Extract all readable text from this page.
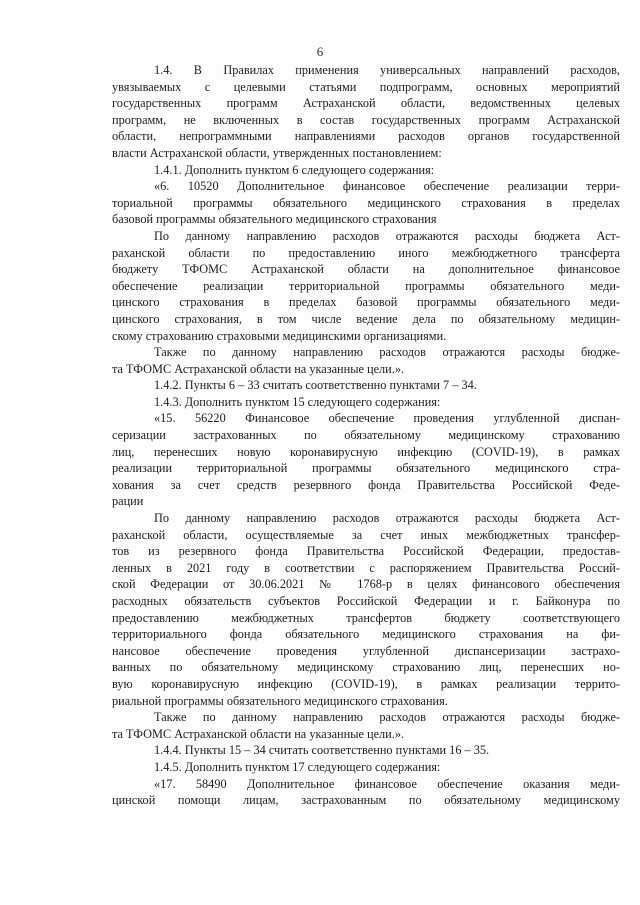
6
1.4. В Правилах применения универсальных направлений расходов,
увязываемых с целевыми статьями подпрограмм, основных мероприятий
государственных программ Астраханской области, ведомственных целевых
программ, не включенных в состав государственных программ Астраханской
области, непрограммными направлениями расходов органов государственной
власти Астраханской области, утвержденных постановлением:
1.4.1. Дополнить пунктом 6 следующего содержания:
«6. 10520 Дополнительное финансовое обеспечение реализации терри-
ториальной программы обязательного медицинского страхования в пределах
базовой программы обязательного медицинского страхования
По данному направлению расходов отражаются расходы бюджета Аст-
раханской области по предоставлению иного межбюджетного трансферта
бюджету ТФОМС Астраханской области на дополнительное финансовое
обеспечение реализации территориальной программы обязательного меди-
цинского страхования в пределах базовой программы обязательного меди-
цинского страхования, в том числе ведение дела по обязательному медицин-
скому страхованию страховыми медицинскими организациями.
Также по данному направлению расходов отражаются расходы бюдже-
та ТФОМС Астраханской области на указанные цели.».
1.4.2. Пункты 6 – 33 считать соответственно пунктами 7 – 34.
1.4.3. Дополнить пунктом 15 следующего содержания:
«15. 56220 Финансовое обеспечение проведения углубленной диспан-
серизации застрахованных по обязательному медицинскому страхованию
лиц, перенесших новую коронавирусную инфекцию (COVID-19), в рамках
реализации территориальной программы обязательного медицинского стра-
хования за счет средств резервного фонда Правительства Российской Феде-
рации
По данному направлению расходов отражаются расходы бюджета Аст-
раханской области, осуществляемые за счет иных межбюджетных трансфер-
тов из резервного фонда Правительства Российской Федерации, предостав-
ленных в 2021 году в соответствии с распоряжением Правительства Россий-
ской Федерации от 30.06.2021 № 1768-р в целях финансового обеспечения
расходных обязательств субъектов Российской Федерации и г. Байконура по
предоставлению межбюджетных трансфертов бюджету соответствующего
территориального фонда обязательного медицинского страхования на фи-
нансовое обеспечение проведения углубленной диспансеризации застрахо-
ванных по обязательному медицинскому страхованию лиц, перенесших но-
вую коронавирусную инфекцию (COVID-19), в рамках реализации террито-
риальной программы обязательного медицинского страхования.
Также по данному направлению расходов отражаются расходы бюдже-
та ТФОМС Астраханской области на указанные цели.».
1.4.4. Пункты 15 – 34 считать соответственно пунктами 16 – 35.
1.4.5. Дополнить пунктом 17 следующего содержания:
«17. 58490 Дополнительное финансовое обеспечение оказания меди-
цинской помощи лицам, застрахованным по обязательному медицинскому
